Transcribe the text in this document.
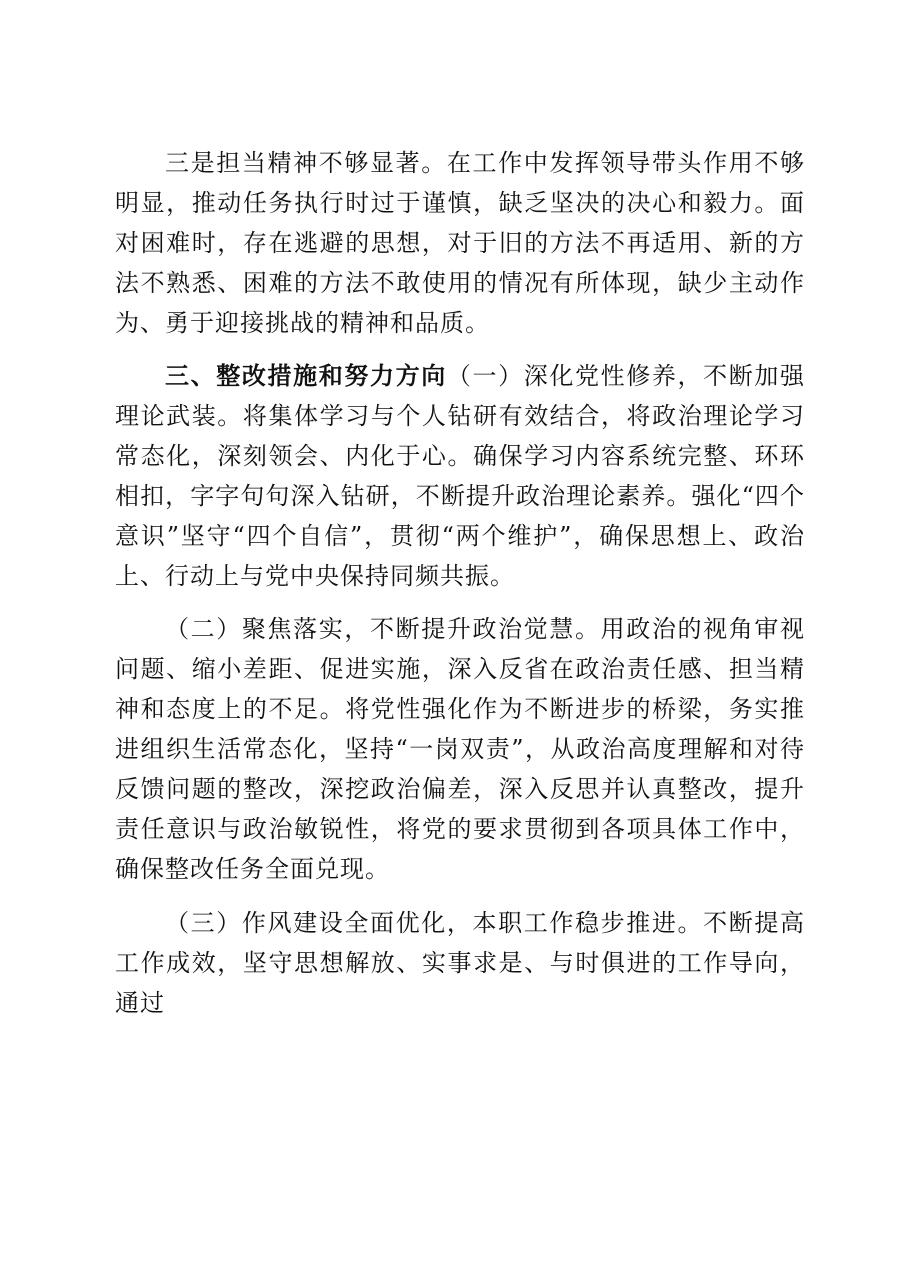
三是担当精神不够显著。在工作中发挥领导带头作用不够明显，推动任务执行时过于谨慎，缺乏坚决的决心和毅力。面对困难时，存在逃避的思想，对于旧的方法不再适用、新的方法不熟悉、困难的方法不敢使用的情况有所体现，缺少主动作为、勇于迎接挑战的精神和品质。

三、整改措施和努力方向（一）深化党性修养，不断加强理论武装。将集体学习与个人钻研有效结合，将政治理论学习常态化，深刻领会、内化于心。确保学习内容系统完整、环环相扣，字字句句深入钻研，不断提升政治理论素养。强化“四个意识”坚守“四个自信”，贯彻“两个维护”，确保思想上、政治上、行动上与党中央保持同频共振。

（二）聚焦落实，不断提升政治觉慧。用政治的视角审视问题、缩小差距、促进实施，深入反省在政治责任感、担当精神和态度上的不足。将党性强化作为不断进步的桥梁，务实推进组织生活常态化，坚持“一岗双责”，从政治高度理解和对待反馈问题的整改，深挖政治偏差，深入反思并认真整改，提升责任意识与政治敏锐性，将党的要求贯彻到各项具体工作中，确保整改任务全面兑现。

（三）作风建设全面优化，本职工作稳步推进。不断提高工作成效，坚守思想解放、实事求是、与时俱进的工作导向，通过
